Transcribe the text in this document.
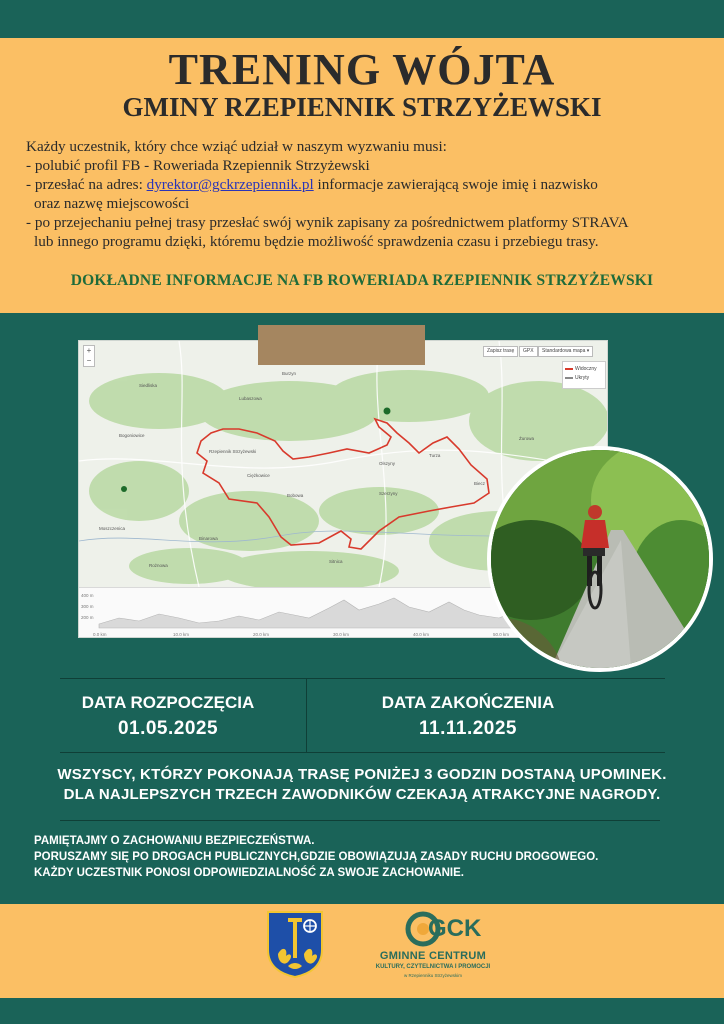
TRENING WÓJTA
GMINY RZEPIENNIK STRZYŻEWSKI
Każdy uczestnik, który chce wziąć udział w naszym wyzwaniu musi:
- polubić profil FB - Roweriada Rzepiennik Strzyżewski
- przesłać na adres: dyrektor@gckrzepiennik.pl informacje zawierającą swoje imię i nazwisko
oraz nazwę miejscowości
- po przejechaniu pełnej trasy przesłać swój wynik zapisany za pośrednictwem platformy STRAVA
lub innego programu dzięki, któremu będzie możliwość sprawdzenia czasu i przebiegu trasy.
DOKŁADNE INFORMACJE NA FB ROWERIADA RZEPIENNIK STRZYŻEWSKI
+
−
Zapisz trasę	GPX	Standardowa mapa ▾
Widoczny
Ukryty
Burzyn
Lubaszowa
Siedliska
Bogoniowice
Rzepiennik Strzyżewski
Ciężkowice
Olszyny
Turza
Biecz
Bobowa
Moszczenica
Szerzyny
Żurowa
Binarowa
Sitnica
Rożnowa
400 m
300 m
200 m
0.0 km	10.0 km	20.0 km	30.0 km	40.0 km	50.0 km
DATA ROZPOCZĘCIA
01.05.2025
DATA ZAKOŃCZENIA
11.11.2025
WSZYSCY, KTÓRZY POKONAJĄ TRASĘ PONIŻEJ 3 GODZIN DOSTANĄ UPOMINEK.
DLA NAJLEPSZYCH TRZECH ZAWODNIKÓW CZEKAJĄ ATRAKCYJNE NAGRODY.
PAMIĘTAJMY O ZACHOWANIU BEZPIECZEŃSTWA.
PORUSZAMY SIĘ PO DROGACH PUBLICZNYCH,GDZIE OBOWIĄZUJĄ ZASADY RUCHU DROGOWEGO.
KAŻDY UCZESTNIK PONOSI ODPOWIEDZIALNOŚĆ ZA SWOJE ZACHOWANIE.
GCK
GMINNE CENTRUM
KULTURY, CZYTELNICTWA I PROMOCJI
w Rzepienniku Strzyżewskim
